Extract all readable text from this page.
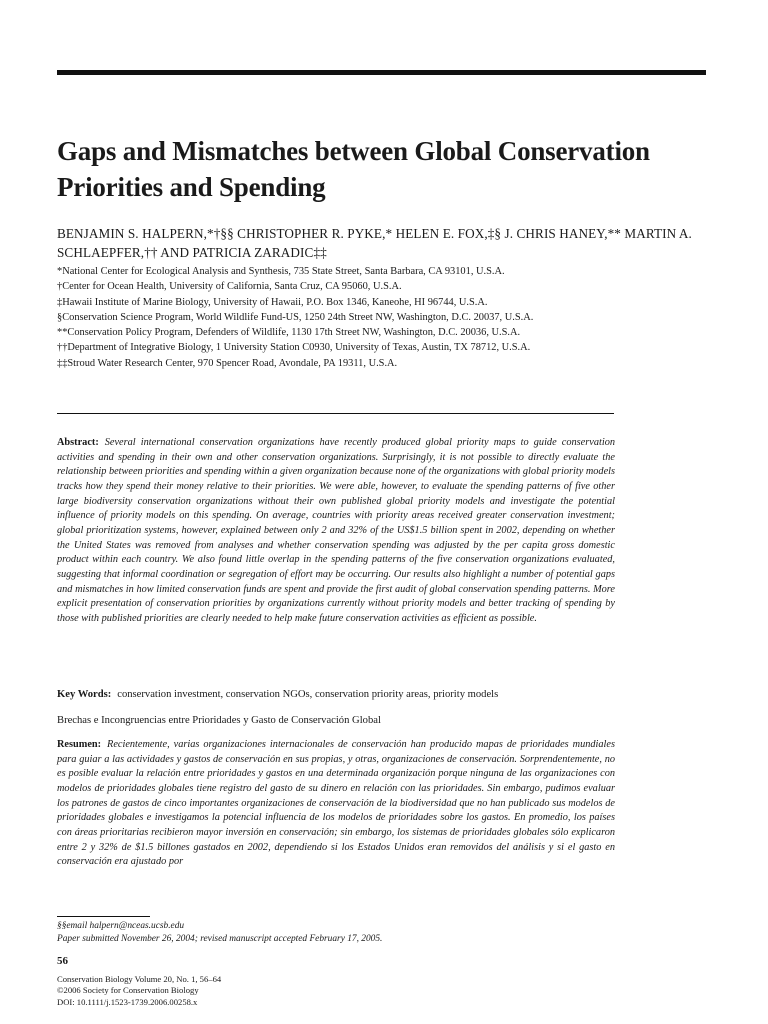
Gaps and Mismatches between Global Conservation Priorities and Spending
BENJAMIN S. HALPERN,*†§§ CHRISTOPHER R. PYKE,* HELEN E. FOX,‡§ J. CHRIS HANEY,** MARTIN A. SCHLAEPFER,†† AND PATRICIA ZARADIC‡‡
*National Center for Ecological Analysis and Synthesis, 735 State Street, Santa Barbara, CA 93101, U.S.A.
†Center for Ocean Health, University of California, Santa Cruz, CA 95060, U.S.A.
‡Hawaii Institute of Marine Biology, University of Hawaii, P.O. Box 1346, Kaneohe, HI 96744, U.S.A.
§Conservation Science Program, World Wildlife Fund-US, 1250 24th Street NW, Washington, D.C. 20037, U.S.A.
**Conservation Policy Program, Defenders of Wildlife, 1130 17th Street NW, Washington, D.C. 20036, U.S.A.
††Department of Integrative Biology, 1 University Station C0930, University of Texas, Austin, TX 78712, U.S.A.
‡‡Stroud Water Research Center, 970 Spencer Road, Avondale, PA 19311, U.S.A.

Abstract: Several international conservation organizations have recently produced global priority maps to guide conservation activities and spending in their own and other conservation organizations. Surprisingly, it is not possible to directly evaluate the relationship between priorities and spending within a given organization because none of the organizations with global priority models tracks how they spend their money relative to their priorities. We were able, however, to evaluate the spending patterns of five other large biodiversity conservation organizations without their own published global priority models and investigate the potential influence of priority models on this spending. On average, countries with priority areas received greater conservation investment; global prioritization systems, however, explained between only 2 and 32% of the US$1.5 billion spent in 2002, depending on whether the United States was removed from analyses and whether conservation spending was adjusted by the per capita gross domestic product within each country. We also found little overlap in the spending patterns of the five conservation organizations evaluated, suggesting that informal coordination or segregation of effort may be occurring. Our results also highlight a number of potential gaps and mismatches in how limited conservation funds are spent and provide the first audit of global conservation spending patterns. More explicit presentation of conservation priorities by organizations currently without priority models and better tracking of spending by those with published priorities are clearly needed to help make future conservation activities as efficient as possible.

Key Words: conservation investment, conservation NGOs, conservation priority areas, priority models
Brechas e Incongruencias entre Prioridades y Gasto de Conservación Global

Resumen: Recientemente, varias organizaciones internacionales de conservación han producido mapas de prioridades mundiales para guiar a las actividades y gastos de conservación en sus propias, y otras, organizaciones de conservación. Sorprendentemente, no es posible evaluar la relación entre prioridades y gastos en una determinada organización porque ninguna de las organizaciones con modelos de prioridades globales tiene registro del gasto de su dinero en relación con las prioridades. Sin embargo, pudimos evaluar los patrones de gastos de cinco importantes organizaciones de conservación de la biodiversidad que no han publicado sus modelos de prioridades globales e investigamos la potencial influencia de los modelos de prioridades sobre los gastos. En promedio, los países con áreas prioritarias recibieron mayor inversión en conservación; sin embargo, los sistemas de prioridades globales sólo explicaron entre 2 y 32% de $1.5 billones gastados en 2002, dependiendo si los Estados Unidos eran removidos del análisis y si el gasto en conservación era ajustado por

§§email halpern@nceas.ucsb.edu
Paper submitted November 26, 2004; revised manuscript accepted February 17, 2005.
56
Conservation Biology Volume 20, No. 1, 56–64
©2006 Society for Conservation Biology
DOI: 10.1111/j.1523-1739.2006.00258.x
